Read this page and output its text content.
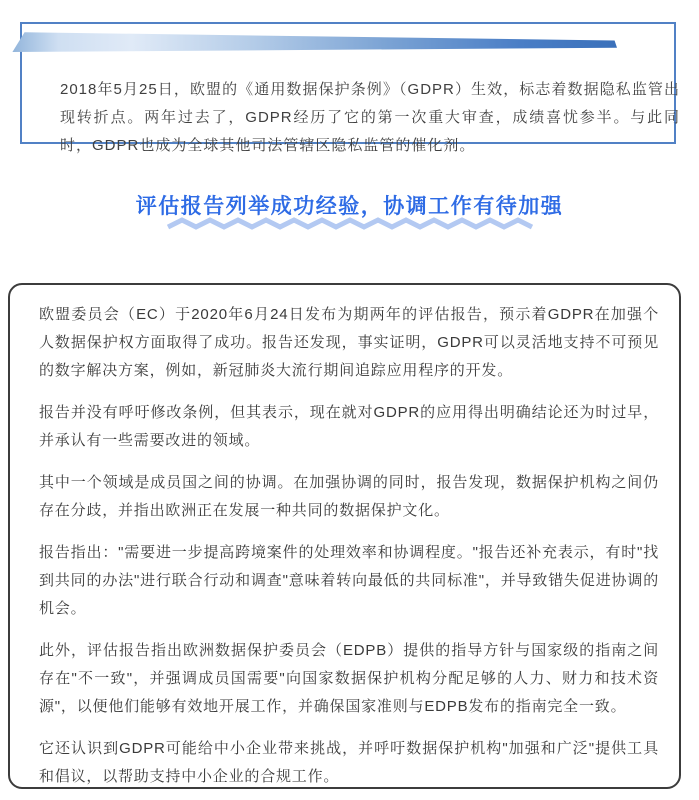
2018年5月25日，欧盟的《通用数据保护条例》（GDPR）生效，标志着数据隐私监管出现转折点。两年过去了，GDPR经历了它的第一次重大审查，成绩喜忧参半。与此同时，GDPR也成为全球其他司法管辖区隐私监管的催化剂。

评估报告列举成功经验，协调工作有待加强

欧盟委员会（EC）于2020年6月24日发布为期两年的评估报告，预示着GDPR在加强个人数据保护权方面取得了成功。报告还发现，事实证明，GDPR可以灵活地支持不可预见的数字解决方案，例如，新冠肺炎大流行期间追踪应用程序的开发。

报告并没有呼吁修改条例，但其表示，现在就对GDPR的应用得出明确结论还为时过早，并承认有一些需要改进的领域。

其中一个领域是成员国之间的协调。在加强协调的同时，报告发现，数据保护机构之间仍存在分歧，并指出欧洲正在发展一种共同的数据保护文化。

报告指出："需要进一步提高跨境案件的处理效率和协调程度。"报告还补充表示，有时"找到共同的办法"进行联合行动和调查"意味着转向最低的共同标准"，并导致错失促进协调的机会。

此外，评估报告指出欧洲数据保护委员会（EDPB）提供的指导方针与国家级的指南之间存在"不一致"，并强调成员国需要"向国家数据保护机构分配足够的人力、财力和技术资源"，以便他们能够有效地开展工作，并确保国家准则与EDPB发布的指南完全一致。

它还认识到GDPR可能给中小企业带来挑战，并呼吁数据保护机构"加强和广泛"提供工具和倡议，以帮助支持中小企业的合规工作。
